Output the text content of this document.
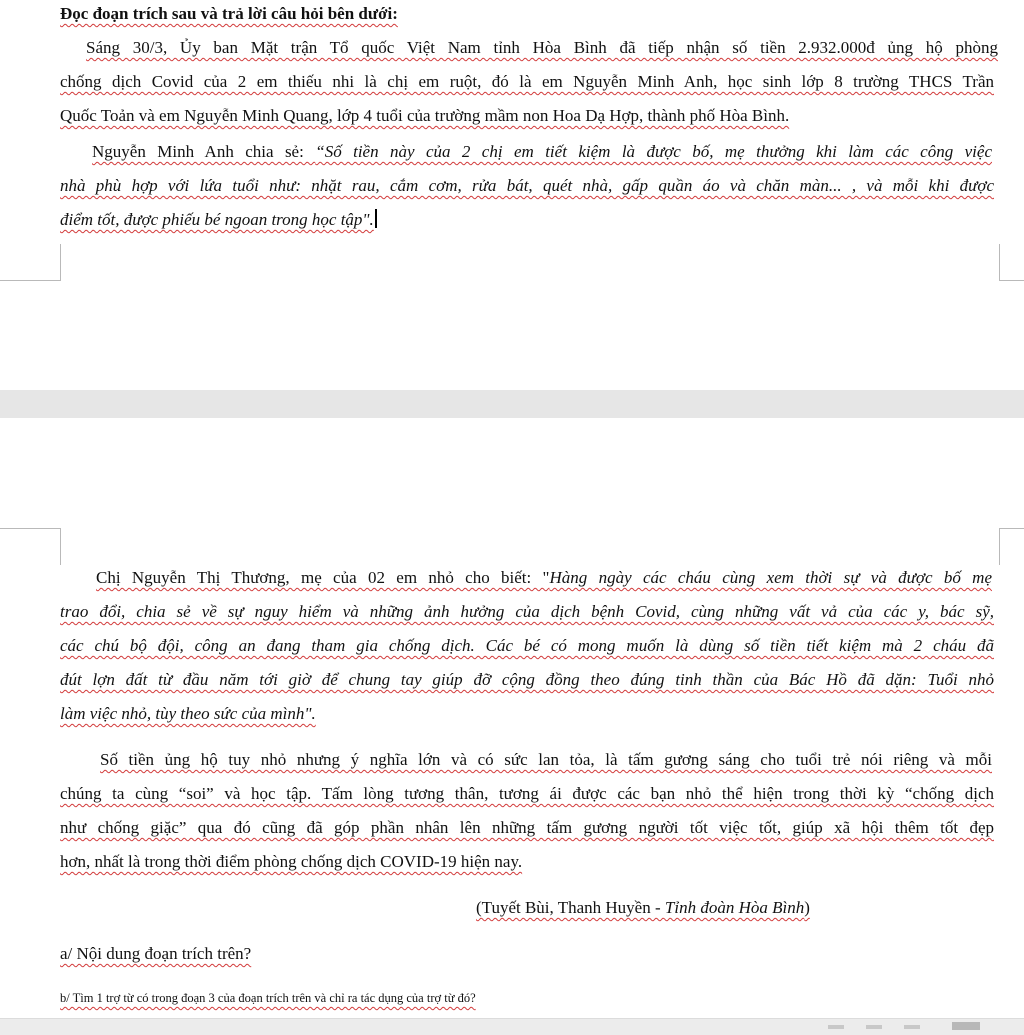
Đọc đoạn trích sau và trả lời câu hỏi bên dưới:
Sáng 30/3, Ủy ban Mặt trận Tổ quốc Việt Nam tỉnh Hòa Bình đã tiếp nhận số tiền 2.932.000đ ủng hộ phòng
chống dịch Covid của 2 em thiếu nhi là chị em ruột, đó là em Nguyễn Minh Anh, học sinh lớp 8 trường THCS Trần
Quốc Toản và em Nguyễn Minh Quang, lớp 4 tuổi của trường mầm non Hoa Dạ Hợp, thành phố Hòa Bình.
Nguyễn Minh Anh chia sẻ: “Số tiền này của 2 chị em tiết kiệm là được bố, mẹ thưởng khi làm các công việc
nhà phù hợp với lứa tuổi như: nhặt rau, cắm cơm, rửa bát, quét nhà, gấp quần áo và chăn màn... , và mỗi khi được
điểm tốt, được phiếu bé ngoan trong học tập".
Chị Nguyễn Thị Thương, mẹ của 02 em nhỏ cho biết: "Hàng ngày các cháu cùng xem thời sự và được bố mẹ
trao đổi, chia sẻ về sự nguy hiểm và những ảnh hưởng của dịch bệnh Covid, cùng những vất vả của các y, bác sỹ,
các chú bộ đội, công an đang tham gia chống dịch. Các bé có mong muốn là dùng số tiền tiết kiệm mà 2 cháu đã
đút lợn đất từ đầu năm tới giờ để chung tay giúp đỡ cộng đồng theo đúng tinh thần của Bác Hồ đã dặn: Tuổi nhỏ
làm việc nhỏ, tùy theo sức của mình".
Số tiền ủng hộ tuy nhỏ nhưng ý nghĩa lớn và có sức lan tỏa, là tấm gương sáng cho tuổi trẻ nói riêng và mỗi
chúng ta cùng “soi” và học tập. Tấm lòng tương thân, tương ái được các bạn nhỏ thể hiện trong thời kỳ “chống dịch
như chống giặc” qua đó cũng đã góp phần nhân lên những tấm gương người tốt việc tốt, giúp xã hội thêm tốt đẹp
hơn, nhất là trong thời điểm phòng chống dịch COVID-19 hiện nay.
(Tuyết Bùi, Thanh Huyền - Tỉnh đoàn Hòa Bình)
a/ Nội dung đoạn trích trên?
b/ Tìm 1 trợ từ có trong đoạn 3 của đoạn trích trên và chỉ ra tác dụng của trợ từ đó?
